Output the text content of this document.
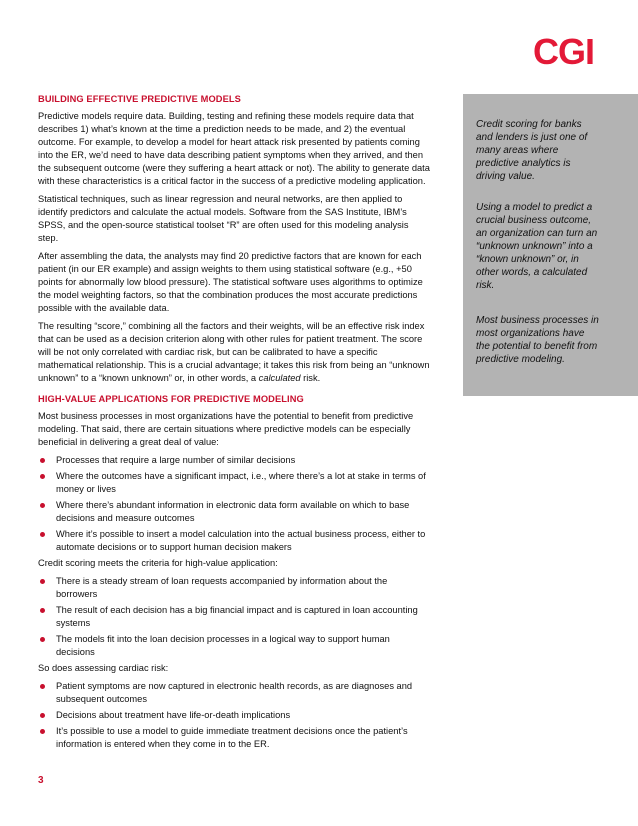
CGI
Credit scoring for banks and lenders is just one of many areas where predictive analytics is driving value.
Using a model to predict a crucial business outcome, an organization can turn an “unknown unknown” into a “known unknown” or, in other words, a calculated risk.
Most business processes in most organizations have the potential to benefit from predictive modeling.
BUILDING EFFECTIVE PREDICTIVE MODELS

Predictive models require data. Building, testing and refining these models require data that describes 1) what’s known at the time a prediction needs to be made, and 2) the eventual outcome. For example, to develop a model for heart attack risk presented by patients coming into the ER, we’d need to have data describing patient symptoms when they arrived, and then the subsequent outcome (were they suffering a heart attack or not). The ability to generate data with these characteristics is a critical factor in the success of a predictive modeling application.

Statistical techniques, such as linear regression and neural networks, are then applied to identify predictors and calculate the actual models. Software from the SAS Institute, IBM’s SPSS, and the open-source statistical toolset “R” are often used for this modeling analysis step.

After assembling the data, the analysts may find 20 predictive factors that are known for each patient (in our ER example) and assign weights to them using statistical software (e.g., +50 points for abnormally low blood pressure). The statistical software uses algorithms to optimize the model weighting factors, so that the combination produces the most accurate predictions possible with the available data.

The resulting “score,” combining all the factors and their weights, will be an effective risk index that can be used as a decision criterion along with other rules for patient treatment. The score will be not only correlated with cardiac risk, but can be calibrated to have a specific mathematical relationship. This is a crucial advantage; it takes this risk from being an “unknown unknown” to a “known unknown” or, in other words, a calculated risk.

HIGH-VALUE APPLICATIONS FOR PREDICTIVE MODELING

Most business processes in most organizations have the potential to benefit from predictive modeling. That said, there are certain situations where predictive models can be especially beneficial in delivering a great deal of value:

Processes that require a large number of similar decisions
Where the outcomes have a significant impact, i.e., where there’s a lot at stake in terms of money or lives
Where there’s abundant information in electronic data form available on which to base decisions and measure outcomes
Where it’s possible to insert a model calculation into the actual business process, either to automate decisions or to support human decision makers

Credit scoring meets the criteria for high-value application:

There is a steady stream of loan requests accompanied by information about the borrowers
The result of each decision has a big financial impact and is captured in loan accounting systems
The models fit into the loan decision processes in a logical way to support human decisions

So does assessing cardiac risk:

Patient symptoms are now captured in electronic health records, as are diagnoses and subsequent outcomes
Decisions about treatment have life-or-death implications
It’s possible to use a model to guide immediate treatment decisions once the patient’s information is entered when they come in to the ER.
3
